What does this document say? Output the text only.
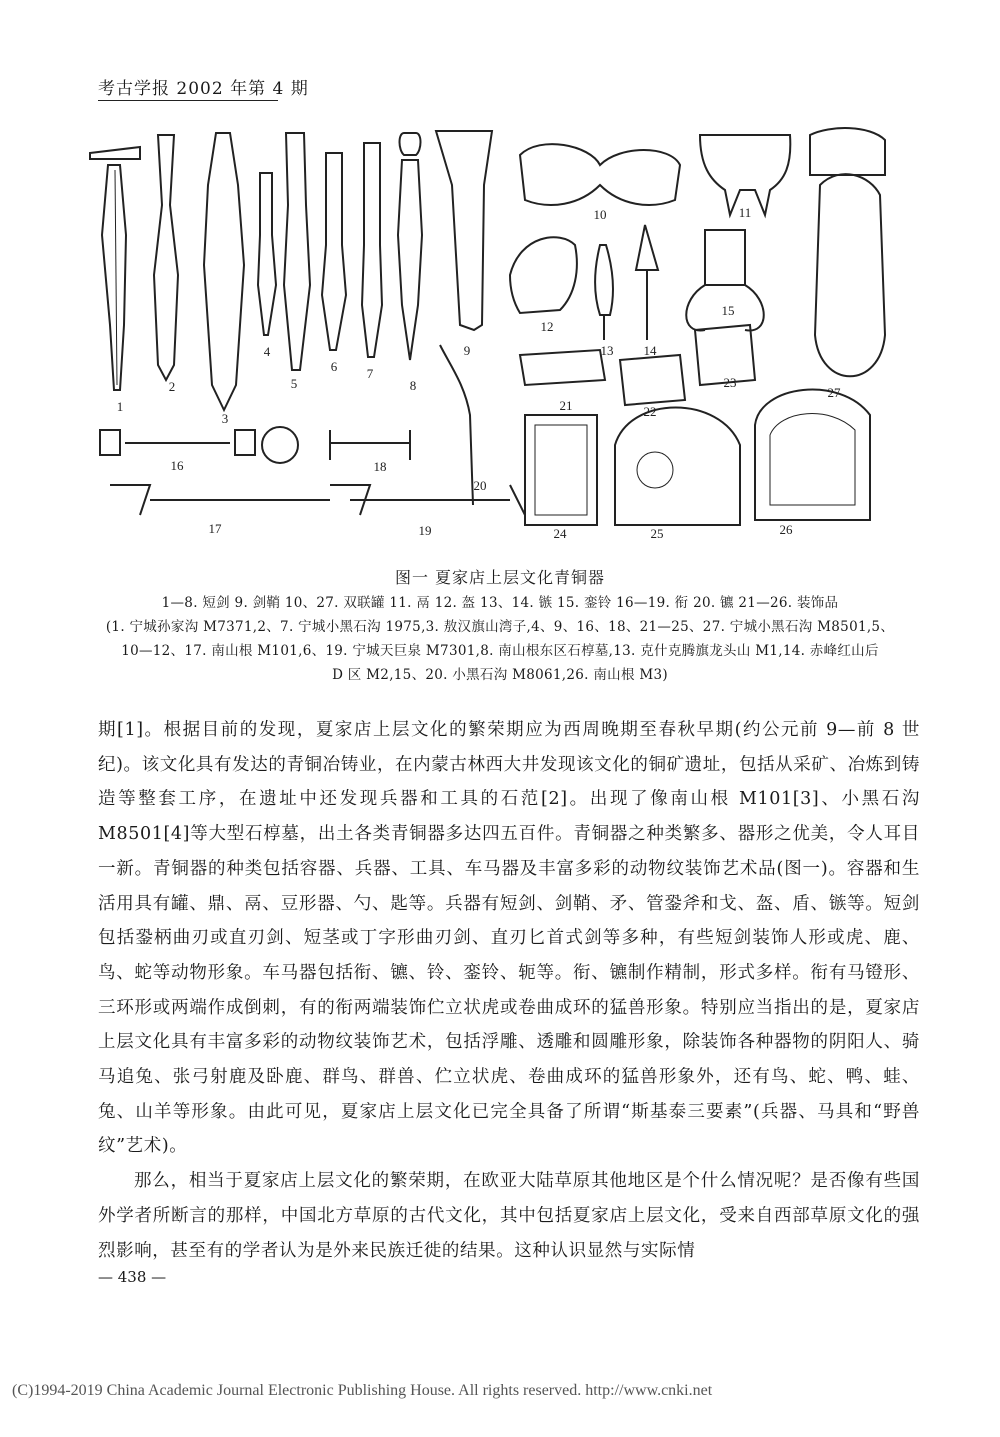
考古学报 2002 年第 4 期
1
2
3
4
5
6 7
8
9
10	11
12
13 14
15
16
17
18
19
20
21	22
23
24	25	26
27
图一 夏家店上层文化青铜器
1—8. 短剑 9. 剑鞘 10、27. 双联罐 11. 鬲 12. 盔 13、14. 镞 15. 銮铃 16—19. 衔 20. 镳 21—26. 装饰品
(1. 宁城孙家沟 M7371,2、7. 宁城小黑石沟 1975,3. 敖汉旗山湾子,4、9、16、18、21—25、27. 宁城小黑石沟 M8501,5、
10—12、17. 南山根 M101,6、19. 宁城天巨泉 M7301,8. 南山根东区石椁墓,13. 克什克腾旗龙头山 M1,14. 赤峰红山后
D 区 M2,15、20. 小黑石沟 M8061,26. 南山根 M3)

期[1]。根据目前的发现，夏家店上层文化的繁荣期应为西周晚期至春秋早期(约公元前 9—前 8 世纪)。该文化具有发达的青铜冶铸业，在内蒙古林西大井发现该文化的铜矿遗址，包括从采矿、冶炼到铸造等整套工序，在遗址中还发现兵器和工具的石范[2]。出现了像南山根 M101[3]、小黑石沟 M8501[4]等大型石椁墓，出土各类青铜器多达四五百件。青铜器之种类繁多、器形之优美，令人耳目一新。青铜器的种类包括容器、兵器、工具、车马器及丰富多彩的动物纹装饰艺术品(图一)。容器和生活用具有罐、鼎、鬲、豆形器、勺、匙等。兵器有短剑、剑鞘、矛、管銎斧和戈、盔、盾、镞等。短剑包括銎柄曲刃或直刃剑、短茎或丁字形曲刃剑、直刃匕首式剑等多种，有些短剑装饰人形或虎、鹿、鸟、蛇等动物形象。车马器包括衔、镳、铃、銮铃、轭等。衔、镳制作精制，形式多样。衔有马镫形、三环形或两端作成倒刺，有的衔两端装饰伫立状虎或卷曲成环的猛兽形象。特别应当指出的是，夏家店上层文化具有丰富多彩的动物纹装饰艺术，包括浮雕、透雕和圆雕形象，除装饰各种器物的阴阳人、骑马追兔、张弓射鹿及卧鹿、群鸟、群兽、伫立状虎、卷曲成环的猛兽形象外，还有鸟、蛇、鸭、蛙、兔、山羊等形象。由此可见，夏家店上层文化已完全具备了所谓“斯基泰三要素”(兵器、马具和“野兽纹”艺术)。

那么，相当于夏家店上层文化的繁荣期，在欧亚大陆草原其他地区是个什么情况呢？是否像有些国外学者所断言的那样，中国北方草原的古代文化，其中包括夏家店上层文化，受来自西部草原文化的强烈影响，甚至有的学者认为是外来民族迁徙的结果。这种认识显然与实际情

— 438 —
(C)1994-2019 China Academic Journal Electronic Publishing House. All rights reserved. http://www.cnki.net
